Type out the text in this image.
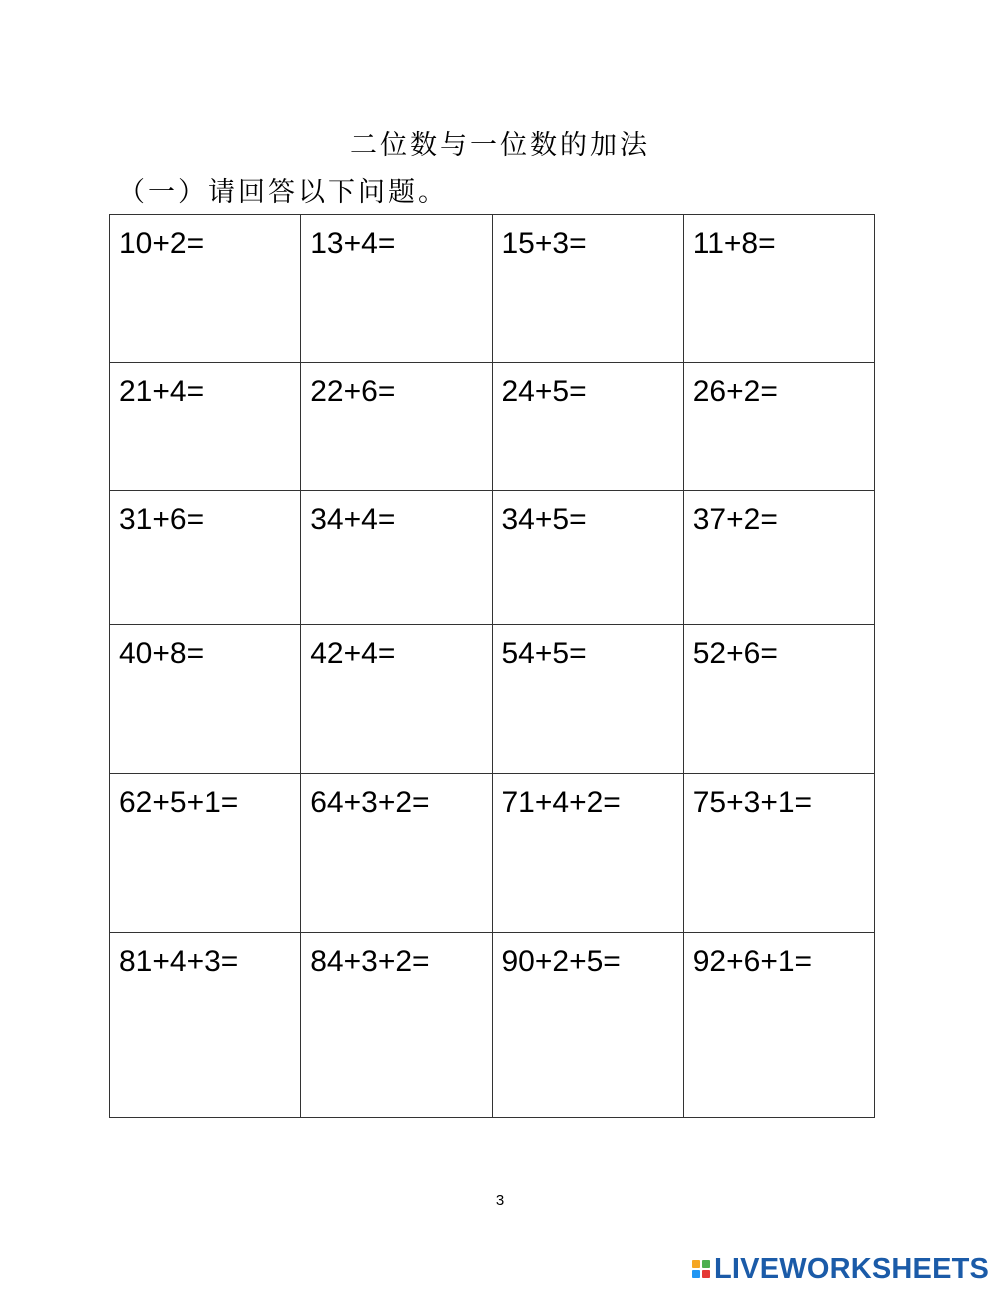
二位数与一位数的加法
（一）请回答以下问题。
10+2=	13+4=	15+3=	11+8=
21+4=	22+6=	24+5=	26+2=
31+6=	34+4=	34+5=	37+2=
40+8=	42+4=	54+5=	52+6=
62+5+1=	64+3+2=	71+4+2=	75+3+1=
81+4+3=	84+3+2=	90+2+5=	92+6+1=
3
LIVEWORKSHEETS
